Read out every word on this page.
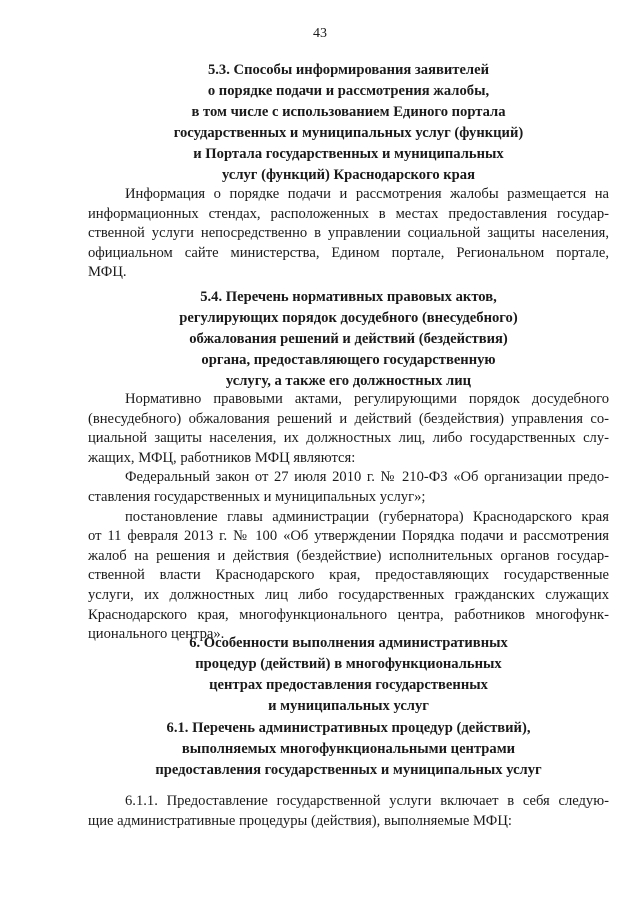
43
5.3. Способы информирования заявителей
о порядке подачи и рассмотрения жалобы,
в том числе с использованием Единого портала
государственных и муниципальных услуг (функций)
и Портала государственных и муниципальных
услуг (функций) Краснодарского края
Информация о порядке подачи и рассмотрения жалобы размещается на
информационных стендах, расположенных в местах предоставления государ-
ственной услуги непосредственно в управлении социальной защиты населения,
официальном сайте министерства, Едином портале, Региональном портале,
МФЦ.
5.4. Перечень нормативных правовых актов,
регулирующих порядок досудебного (внесудебного)
обжалования решений и действий (бездействия)
органа, предоставляющего государственную
услугу, а также его должностных лиц
Нормативно правовыми актами, регулирующими порядок досудебного
(внесудебного) обжалования решений и действий (бездействия) управления со-
циальной защиты населения, их должностных лиц, либо государственных слу-
жащих, МФЦ, работников МФЦ являются:
Федеральный закон от 27 июля 2010 г. № 210-ФЗ «Об организации предо-
ставления государственных и муниципальных услуг»;
постановление главы администрации (губернатора) Краснодарского края
от 11 февраля 2013 г. № 100 «Об утверждении Порядка подачи и рассмотрения
жалоб на решения и действия (бездействие) исполнительных органов государ-
ственной власти Краснодарского края, предоставляющих государственные
услуги, их должностных лиц либо государственных гражданских служащих
Краснодарского края, многофункционального центра, работников многофунк-
ционального центра».
6. Особенности выполнения административных
процедур (действий) в многофункциональных
центрах предоставления государственных
и муниципальных услуг
6.1. Перечень административных процедур (действий),
выполняемых многофункциональными центрами
предоставления государственных и муниципальных услуг
6.1.1. Предоставление государственной услуги включает в себя следую-
щие административные процедуры (действия), выполняемые МФЦ:
